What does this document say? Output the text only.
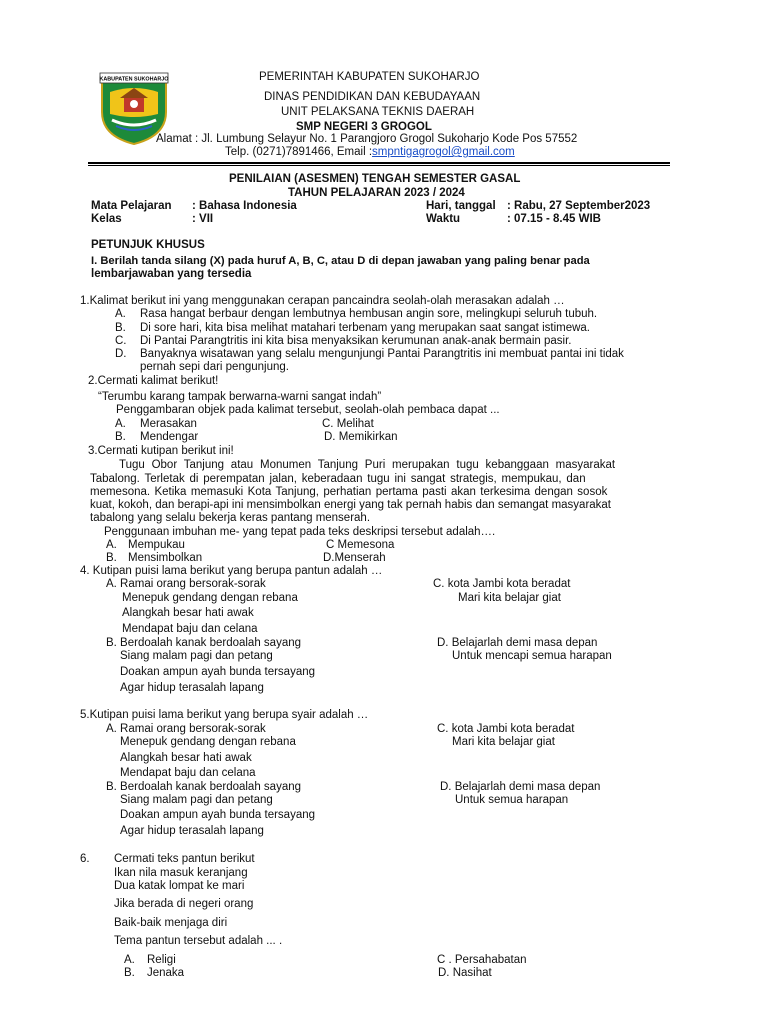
KABUPATEN SUKOHARJO	PEMERINTAH KABUPATEN SUKOHARJO
DINAS PENDIDIKAN DAN KEBUDAYAAN
UNIT PELAKSANA TEKNIS DAERAH
SMP NEGERI 3 GROGOL
Alamat : Jl. Lumbung Selayur No. 1 Parangjoro Grogol Sukoharjo Kode Pos 57552
Telp. (0271)7891466, Email :smpntigagrogol@gmail.com
PENILAIAN (ASESMEN) TENGAH SEMESTER GASAL
TAHUN PELAJARAN 2023 / 2024
Mata Pelajaran : Bahasa Indonesia
Kelas	: VII
Hari, tanggal : Rabu, 27 September2023
Waktu	: 07.15 - 8.45 WIB
PETUNJUK KHUSUS
I. Berilah tanda silang (X) pada huruf A, B, C, atau D di depan jawaban yang paling benar pada
lembarjawaban yang tersedia
1.Kalimat berikut ini yang menggunakan cerapan pancaindra seolah-olah merasakan adalah …
A. Rasa hangat berbaur dengan lembutnya hembusan angin sore, melingkupi seluruh tubuh.
B. Di sore hari, kita bisa melihat matahari terbenam yang merupakan saat sangat istimewa.
C. Di Pantai Parangtritis ini kita bisa menyaksikan kerumunan anak-anak bermain pasir.
D. Banyaknya wisatawan yang selalu mengunjungi Pantai Parangtritis ini membuat pantai ini tidak
pernah sepi dari pengunjung.
2.Cermati kalimat berikut!
“Terumbu karang tampak berwarna-warni sangat indah”
Penggambaran objek pada kalimat tersebut, seolah-olah pembaca dapat ...
A. Merasakan	C. Melihat
B. Mendengar	D. Memikirkan
3.Cermati kutipan berikut ini!
Tugu Obor Tanjung atau Monumen Tanjung Puri merupakan tugu kebanggaan masyarakat
Tabalong. Terletak di perempatan jalan, keberadaan tugu ini sangat strategis, mempukau, dan
memesona. Ketika memasuki Kota Tanjung, perhatian pertama pasti akan terkesima dengan sosok
kuat, kokoh, dan berapi-api ini mensimbolkan energi yang tak pernah habis dan semangat masyarakat
tabalong yang selalu bekerja keras pantang menserah.
Penggunaan imbuhan me- yang tepat pada teks deskripsi tersebut adalah….
A. Mempukau	C Memesona
B. Mensimbolkan	D.Menserah
4. Kutipan puisi lama berikut yang berupa pantun adalah …
A. Ramai orang bersorak-sorak
Menepuk gendang dengan rebana
Alangkah besar hati awak
Mendapat baju dan celana
C. kota Jambi kota beradat
Mari kita belajar giat
B. Berdoalah kanak berdoalah sayang
Siang malam pagi dan petang
Doakan ampun ayah bunda tersayang
Agar hidup terasalah lapang
D. Belajarlah demi masa depan
Untuk mencapi semua harapan
5.Kutipan puisi lama berikut yang berupa syair adalah …
A. Ramai orang bersorak-sorak
Menepuk gendang dengan rebana
Alangkah besar hati awak
Mendapat baju dan celana
C. kota Jambi kota beradat
Mari kita belajar giat
B. Berdoalah kanak berdoalah sayang
Siang malam pagi dan petang
Doakan ampun ayah bunda tersayang
Agar hidup terasalah lapang
D. Belajarlah demi masa depan
Untuk semua harapan
6. Cermati teks pantun berikut
Ikan nila masuk keranjang
Dua katak lompat ke mari
Jika berada di negeri orang
Baik-baik menjaga diri
Tema pantun tersebut adalah ... .
A. Religi	C . Persahabatan
B. Jenaka	D. Nasihat
